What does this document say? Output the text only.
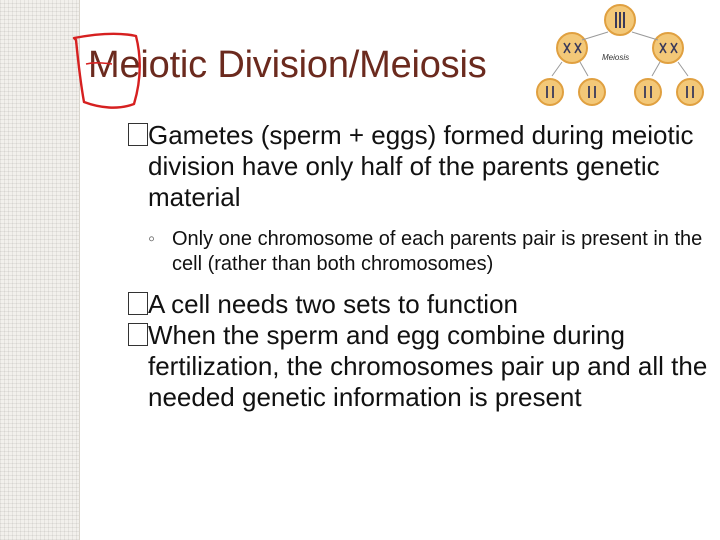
Meiotic Division/Meiosis	Meiosis
Gametes (sperm + eggs) formed during meiotic division have only half of the parents genetic material
◦ Only one chromosome of each parents pair is present in the cell (rather than both chromosomes)
A cell needs two sets to function
When the sperm and egg combine during fertilization, the chromosomes pair up and all the needed genetic information is present
